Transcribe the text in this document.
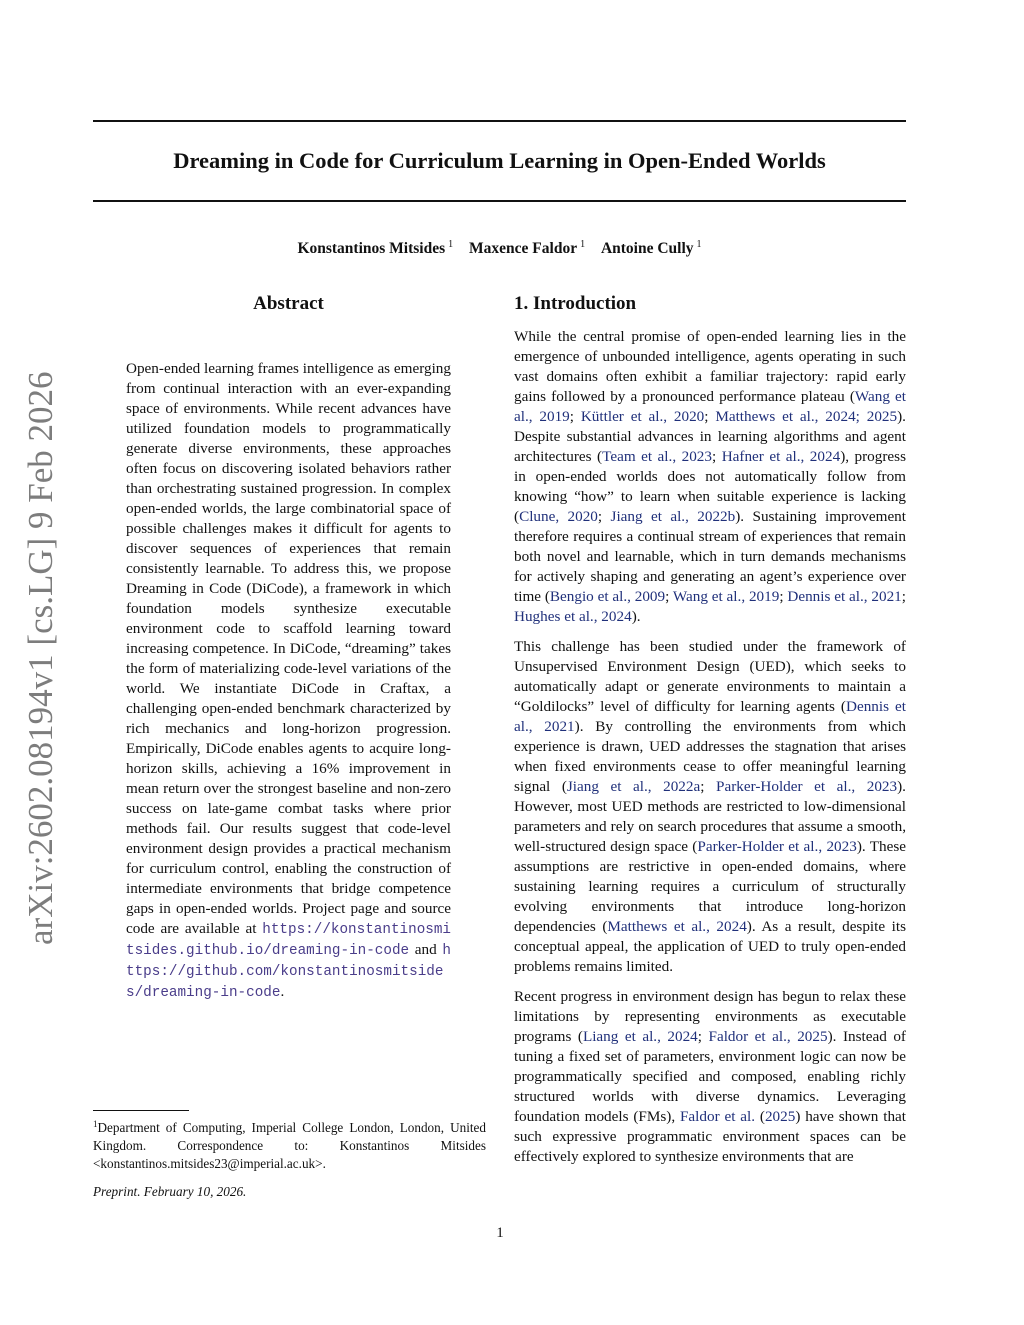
Dreaming in Code for Curriculum Learning in Open-Ended Worlds
Konstantinos Mitsides $^1$ Maxence Faldor $^1$ Antoine Cully $^1$
arXiv:2602.08194v1 [cs.LG] 9 Feb 2026
Abstract

Open-ended learning frames intelligence as emerging from continual interaction with an ever-expanding space of environments. While recent advances have utilized foundation models to programmatically generate diverse environments, these approaches often focus on discovering isolated behaviors rather than orchestrating sustained progression. In complex open-ended worlds, the large combinatorial space of possible challenges makes it difficult for agents to discover sequences of experiences that remain consistently learnable. To address this, we propose Dreaming in Code (DiCode), a framework in which foundation models synthesize executable environment code to scaffold learning toward increasing competence. In DiCode, “dreaming” takes the form of materializing code-level variations of the world. We instantiate DiCode in Craftax, a challenging open-ended benchmark characterized by rich mechanics and long-horizon progression. Empirically, DiCode enables agents to acquire long-horizon skills, achieving a 16% improvement in mean return over the strongest baseline and non-zero success on late-game combat tasks where prior methods fail. Our results suggest that code-level environment design provides a practical mechanism for curriculum control, enabling the construction of intermediate environments that bridge competence gaps in open-ended worlds. Project page and source code are available at https://konstantinosmitsides.github.io/dreaming-in-code and https://github.com/konstantinosmitsides/dreaming-in-code.

$^1$Department of Computing, Imperial College London, London, United Kingdom. Correspondence to: Konstantinos Mitsides <konstantinos.mitsides23@imperial.ac.uk>.

Preprint. February 10, 2026.

1. Introduction

While the central promise of open-ended learning lies in the emergence of unbounded intelligence, agents operating in such vast domains often exhibit a familiar trajectory: rapid early gains followed by a pronounced performance plateau (Wang et al., 2019; Küttler et al., 2020; Matthews et al., 2024; 2025). Despite substantial advances in learning algorithms and agent architectures (Team et al., 2023; Hafner et al., 2024), progress in open-ended worlds does not automatically follow from knowing “how” to learn when suitable experience is lacking (Clune, 2020; Jiang et al., 2022b). Sustaining improvement therefore requires a continual stream of experiences that remain both novel and learnable, which in turn demands mechanisms for actively shaping and generating an agent’s experience over time (Bengio et al., 2009; Wang et al., 2019; Dennis et al., 2021; Hughes et al., 2024).

This challenge has been studied under the framework of Unsupervised Environment Design (UED), which seeks to automatically adapt or generate environments to maintain a “Goldilocks” level of difficulty for learning agents (Dennis et al., 2021). By controlling the environments from which experience is drawn, UED addresses the stagnation that arises when fixed environments cease to offer meaningful learning signal (Jiang et al., 2022a; Parker-Holder et al., 2023). However, most UED methods are restricted to low-dimensional parameters and rely on search procedures that assume a smooth, well-structured design space (Parker-Holder et al., 2023). These assumptions are restrictive in open-ended domains, where sustaining learning requires a curriculum of structurally evolving environments that introduce long-horizon dependencies (Matthews et al., 2024). As a result, despite its conceptual appeal, the application of UED to truly open-ended problems remains limited.

Recent progress in environment design has begun to relax these limitations by representing environments as executable programs (Liang et al., 2024; Faldor et al., 2025). Instead of tuning a fixed set of parameters, environment logic can now be programmatically specified and composed, enabling richly structured worlds with diverse dynamics. Leveraging foundation models (FMs), Faldor et al. (2025) have shown that such expressive programmatic environment spaces can be effectively explored to synthesize environments that are

1
